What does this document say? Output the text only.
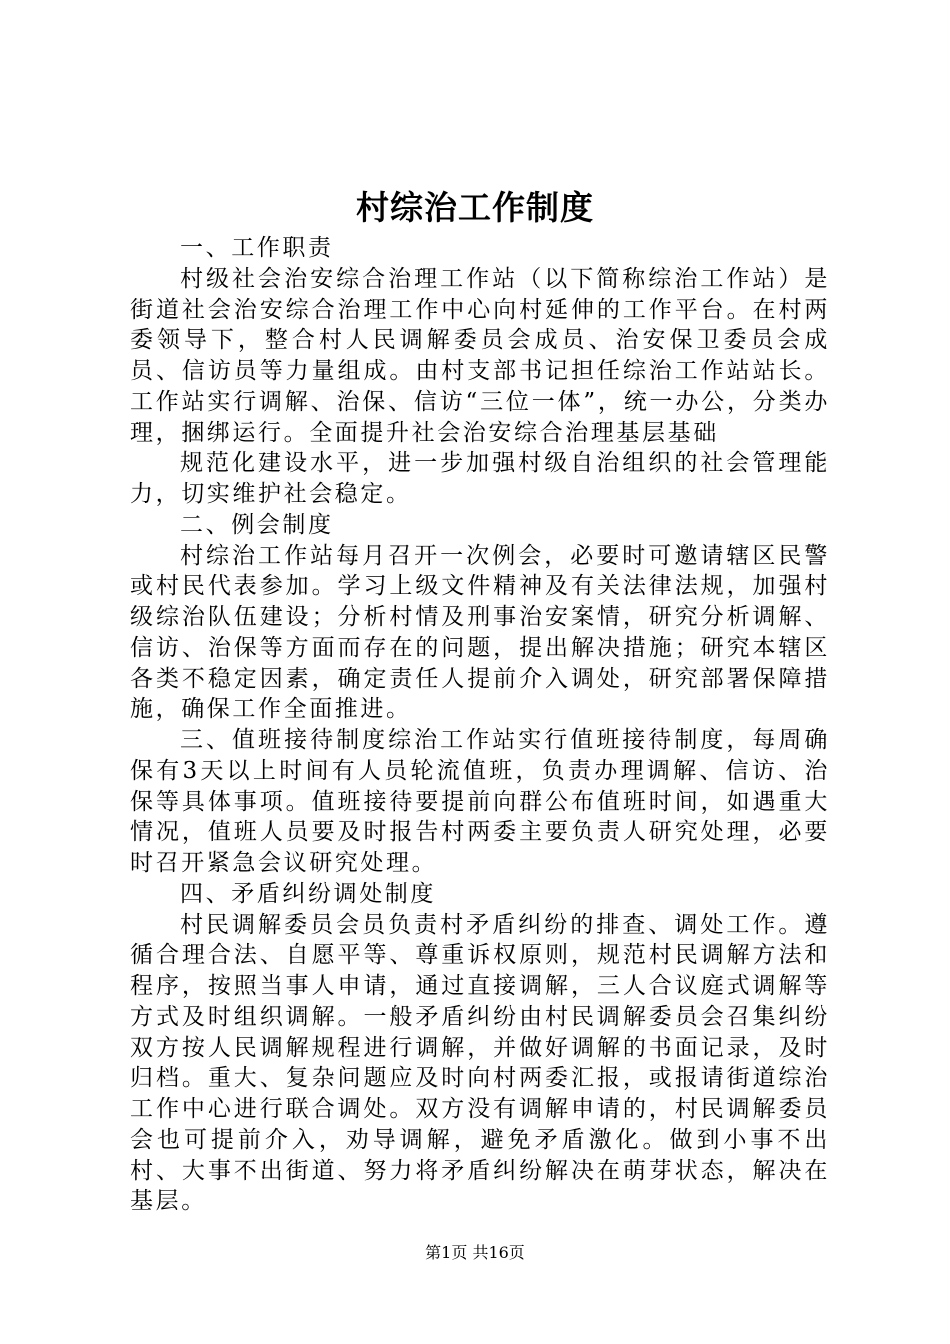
村综治工作制度

一、工作职责

村级社会治安综合治理工作站（以下简称综治工作站）是街道社会治安综合治理工作中心向村延伸的工作平台。在村两委领导下，整合村人民调解委员会成员、治安保卫委员会成员、信访员等力量组成。由村支部书记担任综治工作站站长。工作站实行调解、治保、信访“三位一体”，统一办公，分类办理，捆绑运行。全面提升社会治安综合治理基层基础

规范化建设水平，进一步加强村级自治组织的社会管理能力，切实维护社会稳定。

二、例会制度

村综治工作站每月召开一次例会，必要时可邀请辖区民警或村民代表参加。学习上级文件精神及有关法律法规，加强村级综治队伍建设；分析村情及刑事治安案情，研究分析调解、信访、治保等方面而存在的问题，提出解决措施；研究本辖区各类不稳定因素，确定责任人提前介入调处，研究部署保障措施，确保工作全面推进。

三、值班接待制度综治工作站实行值班接待制度，每周确保有3天以上时间有人员轮流值班，负责办理调解、信访、治保等具体事项。值班接待要提前向群公布值班时间，如遇重大情况，值班人员要及时报告村两委主要负责人研究处理，必要时召开紧急会议研究处理。

四、矛盾纠纷调处制度

村民调解委员会员负责村矛盾纠纷的排查、调处工作。遵循合理合法、自愿平等、尊重诉权原则，规范村民调解方法和程序，按照当事人申请，通过直接调解，三人合议庭式调解等方式及时组织调解。一般矛盾纠纷由村民调解委员会召集纠纷双方按人民调解规程进行调解，并做好调解的书面记录，及时归档。重大、复杂问题应及时向村两委汇报，或报请街道综治工作中心进行联合调处。双方没有调解申请的，村民调解委员会也可提前介入，劝导调解，避免矛盾激化。做到小事不出村、大事不出街道、努力将矛盾纠纷解决在萌芽状态，解决在基层。

第1页 共16页
